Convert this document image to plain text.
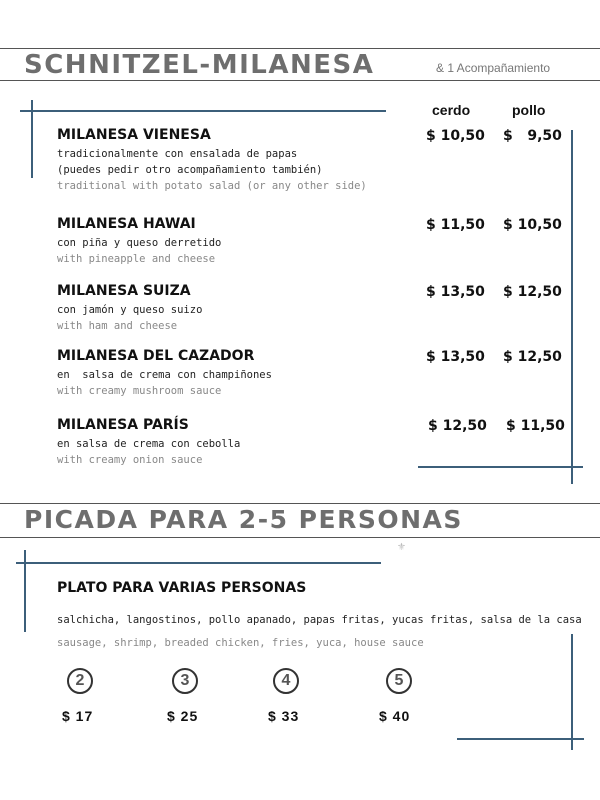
SCHNITZEL-MILANESA	& 1 Acompañamiento
cerdo	pollo
MILANESA VIENESA
tradicionalmente con ensalada de papas
(puedes pedir otro acompañamiento también)
traditional with potato salad (or any other side)
$ 10,50 $   9,50
MILANESA HAWAI
con piña y queso derretido
with pineapple and cheese
$ 11,50 $ 10,50
MILANESA SUIZA
con jamón y queso suizo
with ham and cheese
$ 13,50 $ 12,50
MILANESA DEL CAZADOR
en  salsa de crema con champiñones
with creamy mushroom sauce
$ 13,50 $ 12,50
MILANESA PARÍS
en salsa de crema con cebolla
with creamy onion sauce
$ 12,50 $ 11,50
PICADA PARA 2-5 PERSONAS
⚜
PLATO PARA VARIAS PERSONAS
salchicha, langostinos, pollo apanado, papas fritas, yucas fritas, salsa de la casa
sausage, shrimp, breaded chicken, fries, yuca, house sauce
2
$ 17
3
$ 25
4
$ 33
5
$ 40
